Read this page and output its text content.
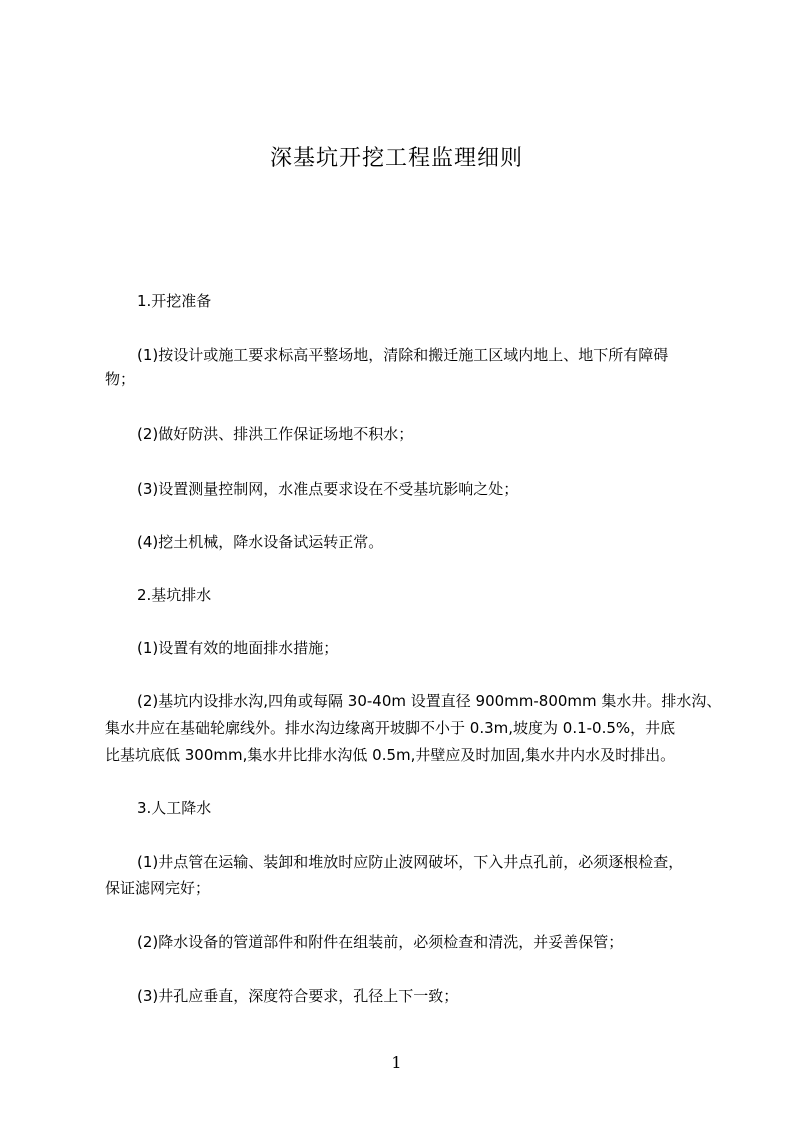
深基坑开挖工程监理细则

1.开挖准备

(1)按设计或施工要求标高平整场地，清除和搬迁施工区域内地上、地下所有障碍

物；

(2)做好防洪、排洪工作保证场地不积水；

(3)设置测量控制网，水准点要求设在不受基坑影响之处；

(4)挖土机械，降水设备试运转正常。

2.基坑排水

(1)设置有效的地面排水措施；

(2)基坑内设排水沟,四角或每隔 30-40m 设置直径 900mm-800mm 集水井。排水沟、

集水井应在基础轮廓线外。排水沟边缘离开坡脚不小于 0.3m,坡度为 0.1-0.5%，井底

比基坑底低 300mm,集水井比排水沟低 0.5m,井壁应及时加固,集水井内水及时排出。

3.人工降水

(1)井点管在运输、装卸和堆放时应防止波网破坏，下入井点孔前，必须逐根检查，

保证滤网完好；

(2)降水设备的管道部件和附件在组装前，必须检查和清洗，并妥善保管；

(3)井孔应垂直，深度符合要求，孔径上下一致；

1
